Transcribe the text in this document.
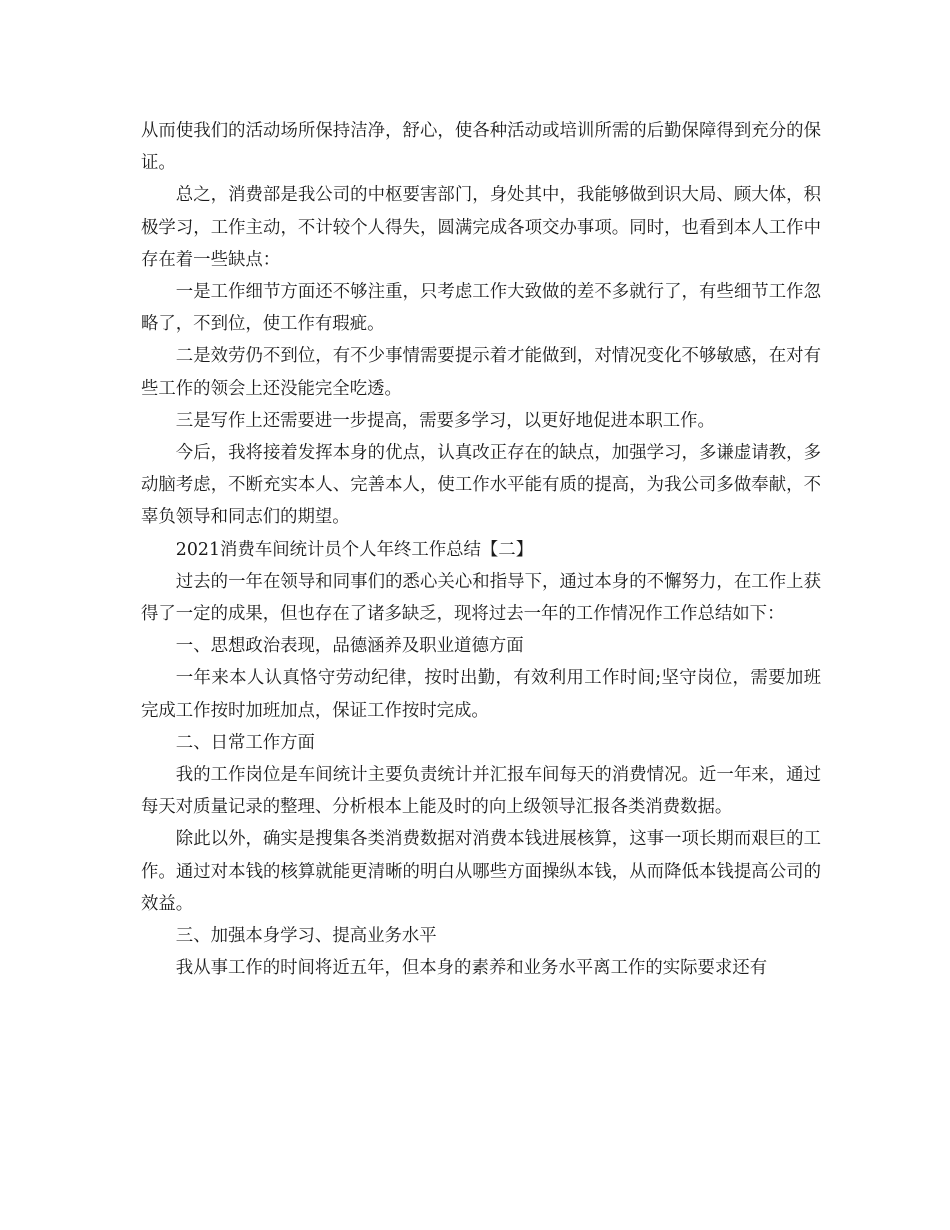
从而使我们的活动场所保持洁净，舒心，使各种活动或培训所需的后勤保障得到充分的保证。

总之，消费部是我公司的中枢要害部门，身处其中，我能够做到识大局、顾大体，积极学习，工作主动，不计较个人得失，圆满完成各项交办事项。同时，也看到本人工作中存在着一些缺点：

一是工作细节方面还不够注重，只考虑工作大致做的差不多就行了，有些细节工作忽略了，不到位，使工作有瑕疵。

二是效劳仍不到位，有不少事情需要提示着才能做到，对情况变化不够敏感，在对有些工作的领会上还没能完全吃透。

三是写作上还需要进一步提高，需要多学习，以更好地促进本职工作。

今后，我将接着发挥本身的优点，认真改正存在的缺点，加强学习，多谦虚请教，多动脑考虑，不断充实本人、完善本人，使工作水平能有质的提高，为我公司多做奉献，不辜负领导和同志们的期望。

2021消费车间统计员个人年终工作总结【二】

过去的一年在领导和同事们的悉心关心和指导下，通过本身的不懈努力，在工作上获得了一定的成果，但也存在了诸多缺乏，现将过去一年的工作情况作工作总结如下：

一、思想政治表现，品德涵养及职业道德方面

一年来本人认真恪守劳动纪律，按时出勤，有效利用工作时间;坚守岗位，需要加班完成工作按时加班加点，保证工作按时完成。

二、日常工作方面

我的工作岗位是车间统计主要负责统计并汇报车间每天的消费情况。近一年来，通过每天对质量记录的整理、分析根本上能及时的向上级领导汇报各类消费数据。

除此以外，确实是搜集各类消费数据对消费本钱进展核算，这事一项长期而艰巨的工作。通过对本钱的核算就能更清晰的明白从哪些方面操纵本钱，从而降低本钱提高公司的效益。

三、加强本身学习、提高业务水平

我从事工作的时间将近五年，但本身的素养和业务水平离工作的实际要求还有
